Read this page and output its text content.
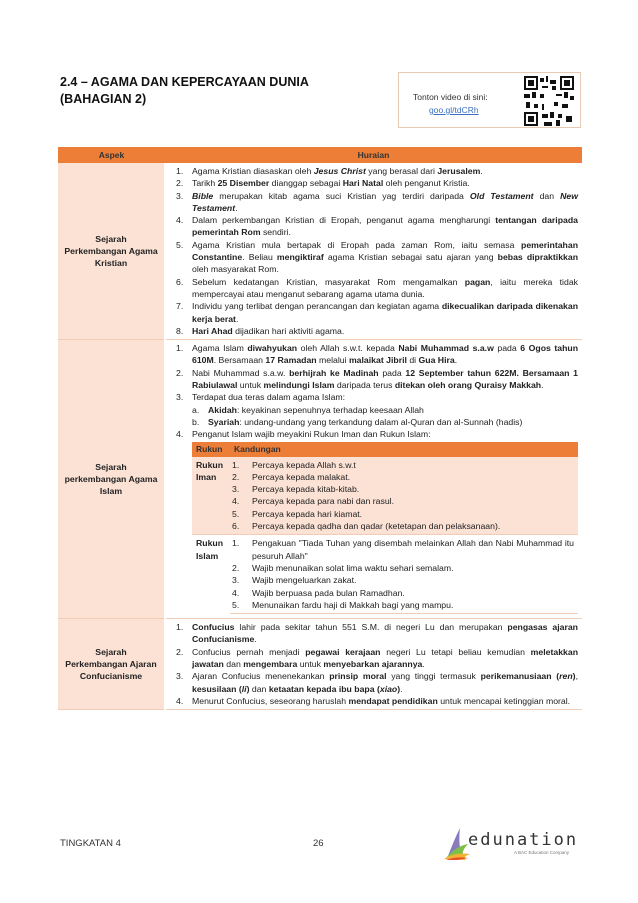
2.4 – AGAMA DAN KEPERCAYAAN DUNIA
(BAHAGIAN 2)	Tonton video di sini:
goo.gl/tdCRh
Aspek	Huraian
Sejarah Perkembangan Agama Kristian	
1. Agama Kristian diasaskan oleh Jesus Christ yang berasal dari Jerusalem.
2. Tarikh 25 Disember dianggap sebagai Hari Natal oleh penganut Kristia.
3. Bible merupakan kitab agama suci Kristian yag terdiri daripada Old Testament dan New Testament.
4. Dalam perkembangan Kristian di Eropah, penganut agama mengharungi tentangan daripada pemerintah Rom sendiri.
5. Agama Kristian mula bertapak di Eropah pada zaman Rom, iaitu semasa pemerintahan Constantine. Beliau mengiktiraf agama Kristian sebagai satu ajaran yang bebas dipraktikkan oleh masyarakat Rom.
6. Sebelum kedatangan Kristian, masyarakat Rom mengamalkan pagan, iaitu mereka tidak mempercayai atau menganut sebarang agama utama dunia.
7. Individu yang terlibat dengan perancangan dan kegiatan agama dikecualikan daripada dikenakan kerja berat.
8. Hari Ahad dijadikan hari aktiviti agama.

Sejarah perkembangan Agama Islam	
1. Agama Islam diwahyukan oleh Allah s.w.t. kepada Nabi Muhammad s.a.w pada 6 Ogos tahun 610M. Bersamaan 17 Ramadan melalui malaikat Jibril di Gua Hira.
2. Nabi Muhammad s.a.w. berhijrah ke Madinah pada 12 September tahun 622M. Bersamaan 1 Rabiulawal untuk melindungi Islam daripada terus ditekan oleh orang Quraisy Makkah.
3. Terdapat dua teras dalam agama Islam:
a. Akidah: keyakinan sepenuhnya terhadap keesaan Allah
b. Syariah: undang-undang yang terkandung dalam al-Quran dan al-Sunnah (hadis)
4. Penganut Islam wajib meyakini Rukun Iman dan Rukun Islam:
Rukun	Kandungan
Rukun Iman	
1. Percaya kepada Allah s.w.t
2. Percaya kepada malakat.
3. Percaya kepada kitab-kitab.
4. Percaya kepada para nabi dan rasul.
5. Percaya kepada hari kiamat.
6. Percaya kepada qadha dan qadar (ketetapan dan pelaksanaan).

Rukun Islam	
1. Pengakuan "Tiada Tuhan yang disembah melainkan Allah dan Nabi Muhammad itu pesuruh Allah"
2. Wajib menunaikan solat lima waktu sehari semalam.
3. Wajib mengeluarkan zakat.
4. Wajib berpuasa pada bulan Ramadhan.
5. Menunaikan fardu haji di Makkah bagi yang mampu.

Sejarah Perkembangan Ajaran Confucianisme	
1. Confucius lahir pada sekitar tahun 551 S.M. di negeri Lu dan merupakan pengasas ajaran Confucianisme.
2. Confucius pernah menjadi pegawai kerajaan negeri Lu tetapi beliau kemudian meletakkan jawatan dan mengembara untuk menyebarkan ajarannya.
3. Ajaran Confucius menenekankan prinsip moral yang tinggi termasuk perikemanusiaan (ren), kesusilaan (li) dan ketaatan kepada ibu bapa (xiao).
4. Menurut Confucius, seseorang haruslah mendapat pendidikan untuk mencapai ketinggian moral.
TINGKATAN 4	26	edunation
A BAC Education Company
